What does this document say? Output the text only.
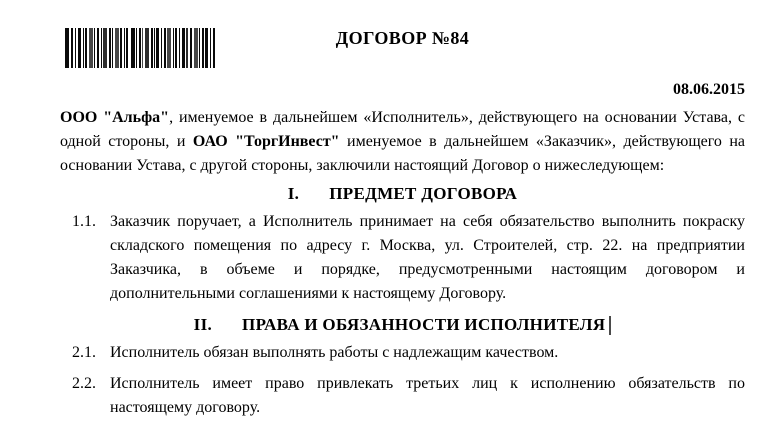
ДОГОВОР №84
08.06.2015

ООО "Альфа", именуемое в дальнейшем «Исполнитель», действующего на основании Устава, с одной стороны, и ОАО "ТоргИнвест" именуемое в дальнейшем «Заказчик», действующего на основании Устава, с другой стороны, заключили настоящий Договор о нижеследующем:

I. ПРЕДМЕТ ДОГОВОРА
1.1. Заказчик поручает, а Исполнитель принимает на себя обязательство выполнить покраску складского помещения по адресу г. Москва, ул. Строителей, стр. 22. на предприятии Заказчика, в объеме и порядке, предусмотренными настоящим договором и дополнительными соглашениями к настоящему Договору.
II. ПРАВА И ОБЯЗАННОСТИ ИСПОЛНИТЕЛЯ
2.1. Исполнитель обязан выполнять работы с надлежащим качеством.
2.2. Исполнитель имеет право привлекать третьих лиц к исполнению обязательств по настоящему договору.
